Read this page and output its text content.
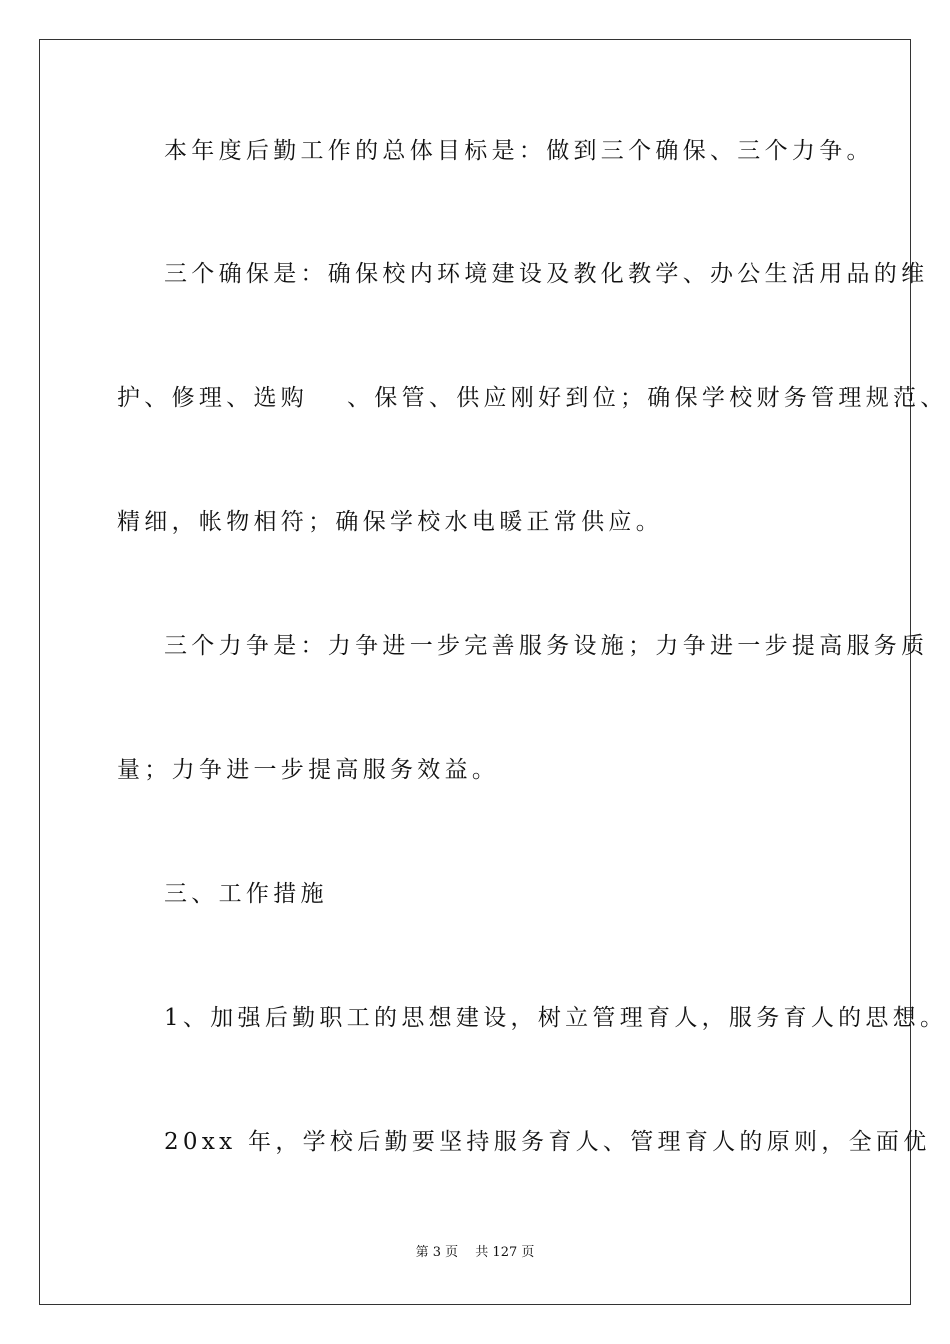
本年度后勤工作的总体目标是：做到三个确保、三个力争。
三个确保是：确保校内环境建设及教化教学、办公生活用品的维
护、修理、选购　 、保管、供应刚好到位；确保学校财务管理规范、
精细，帐物相符；确保学校水电暖正常供应。
三个力争是：力争进一步完善服务设施；力争进一步提高服务质
量；力争进一步提高服务效益。
三、工作措施
1、加强后勤职工的思想建设，树立管理育人，服务育人的思想。
20xx 年，学校后勤要坚持服务育人、管理育人的原则，全面优
第 3 页　 共 127 页
